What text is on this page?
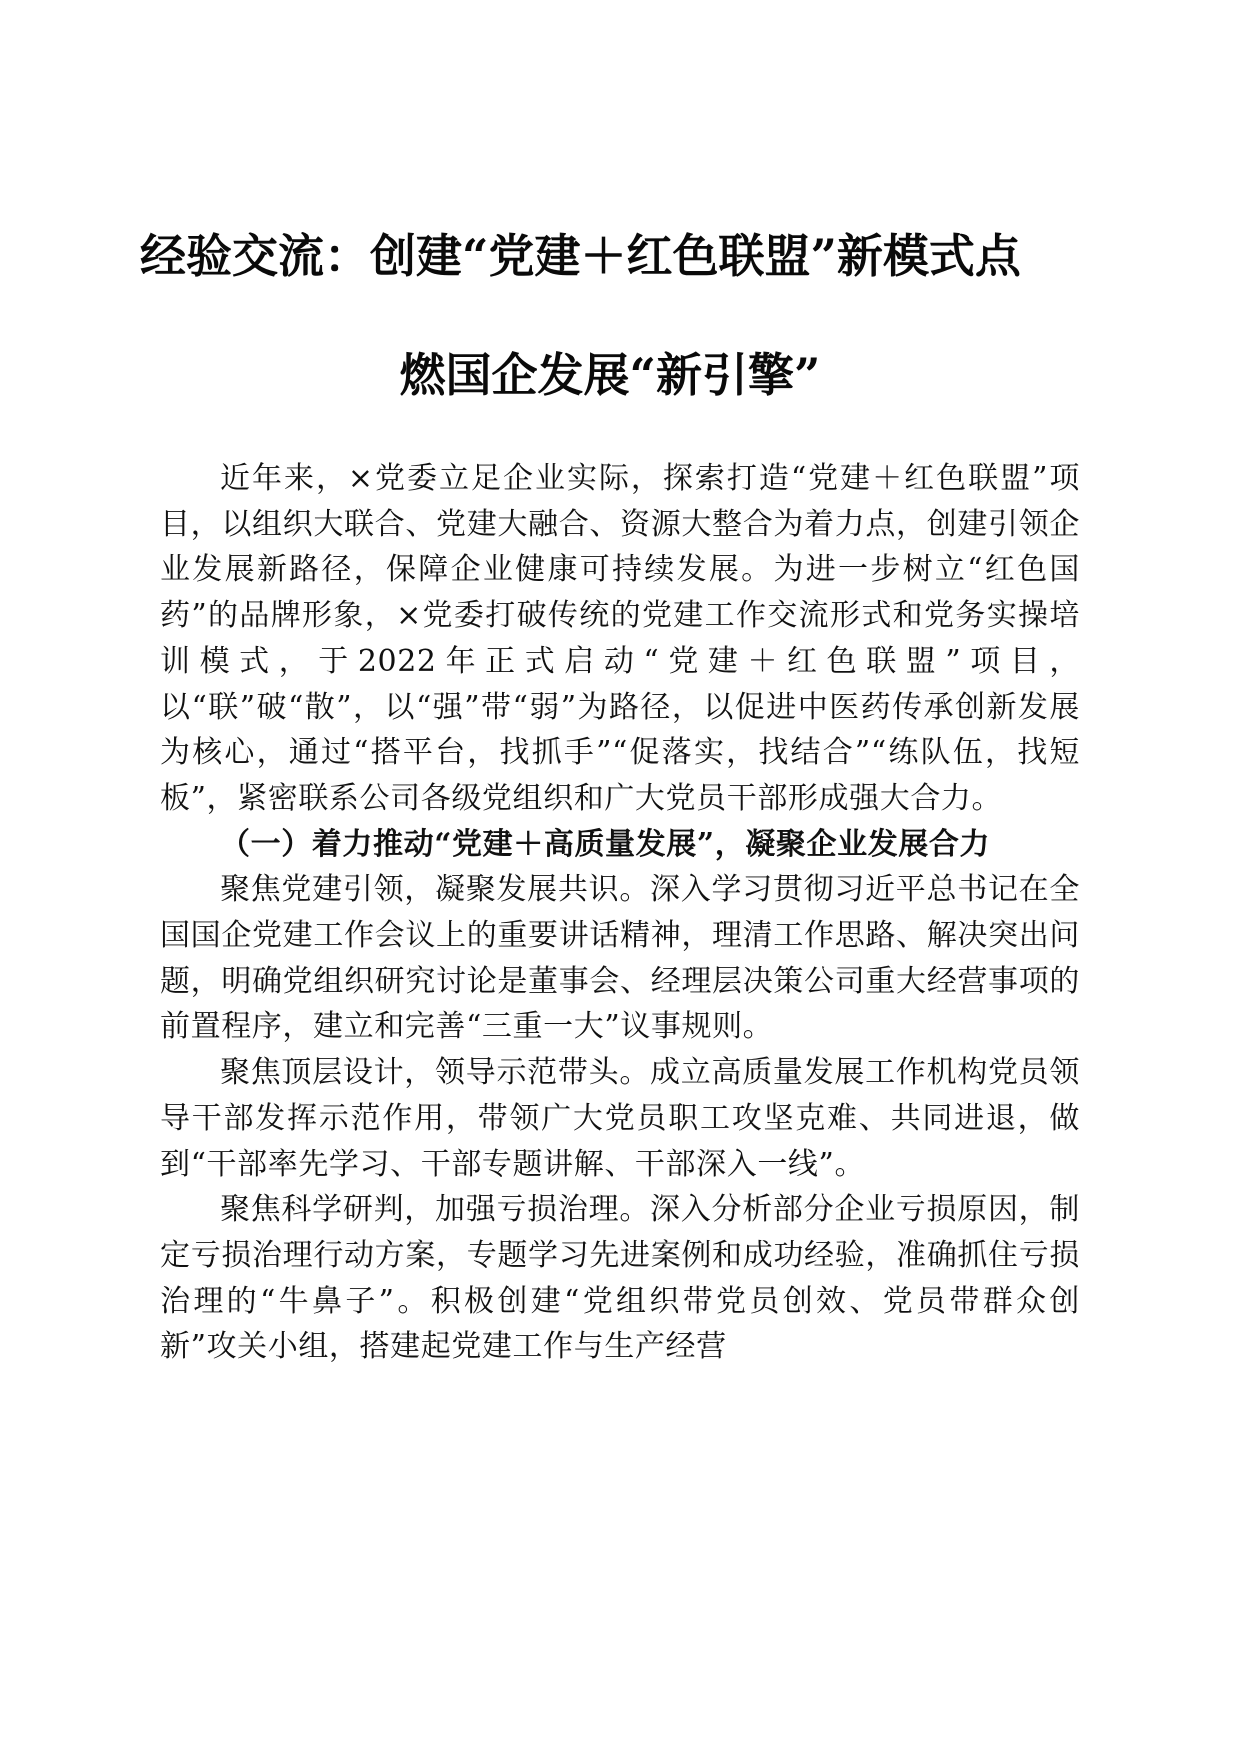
经验交流：创建“党建＋红色联盟”新模式点
燃国企发展“新引擎”

近年来，×党委立足企业实际，探索打造“党建＋红色联盟”项目，以组织大联合、党建大融合、资源大整合为着力点，创建引领企业发展新路径，保障企业健康可持续发展。为进一步树立“红色国药”的品牌形象，×党委打破传统的党建工作交流形式和党务实操培训模式，于2022年正式启动“党建＋红色联盟”项目，以“联”破“散”，以“强”带“弱”为路径，以促进中医药传承创新发展为核心，通过“搭平台，找抓手”“促落实，找结合”“练队伍，找短板”，紧密联系公司各级党组织和广大党员干部形成强大合力。

（一）着力推动“党建＋高质量发展”，凝聚企业发展合力

聚焦党建引领，凝聚发展共识。深入学习贯彻习近平总书记在全国国企党建工作会议上的重要讲话精神，理清工作思路、解决突出问题，明确党组织研究讨论是董事会、经理层决策公司重大经营事项的前置程序，建立和完善“三重一大”议事规则。

聚焦顶层设计，领导示范带头。成立高质量发展工作机构党员领导干部发挥示范作用，带领广大党员职工攻坚克难、共同进退，做到“干部率先学习、干部专题讲解、干部深入一线”。

聚焦科学研判，加强亏损治理。深入分析部分企业亏损原因，制定亏损治理行动方案，专题学习先进案例和成功经验，准确抓住亏损治理的“牛鼻子”。积极创建“党组织带党员创效、党员带群众创新”攻关小组，搭建起党建工作与生产经营
